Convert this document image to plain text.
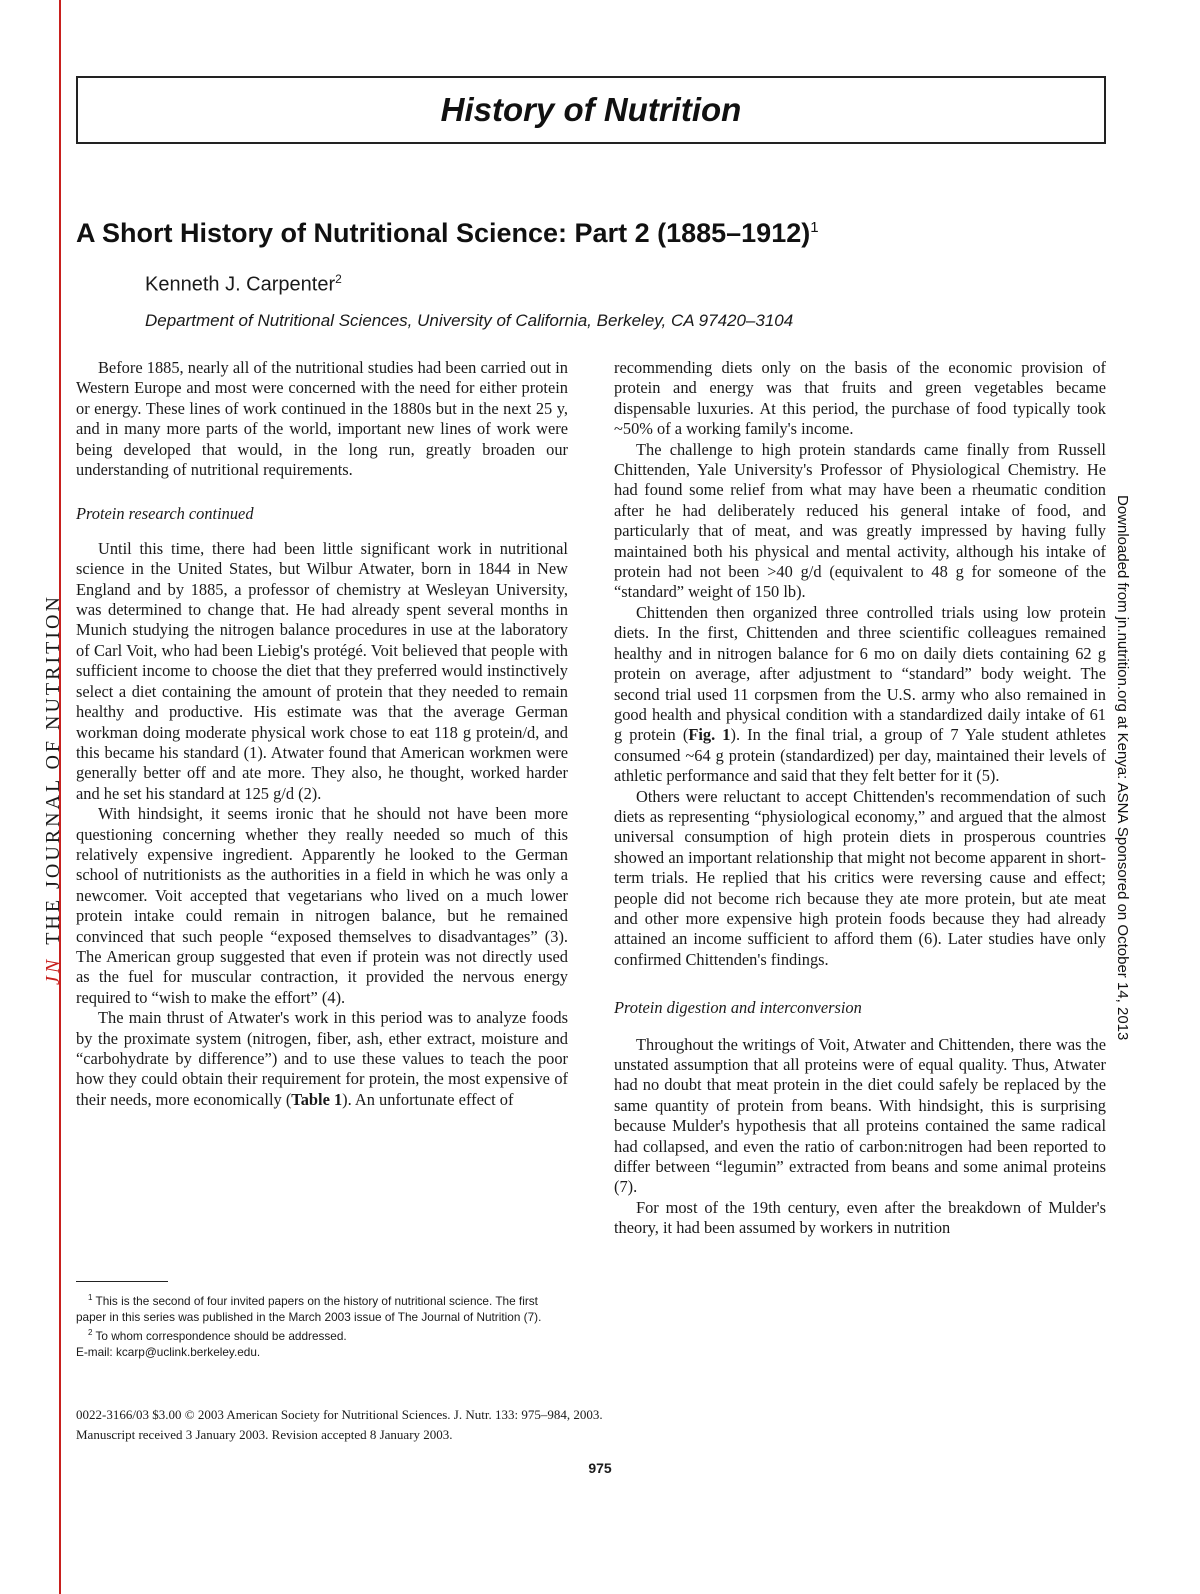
JNTHE JOURNAL OF NUTRITION	Downloaded from jn.nutrition.org at Kenya: ASNA Sponsored on October 14, 2013
History of Nutrition
A Short History of Nutritional Science: Part 2 (1885–1912)$^1$
Kenneth J. Carpenter$^2$
Department of Nutritional Sciences, University of California, Berkeley, CA 97420–3104

Before 1885, nearly all of the nutritional studies had been carried out in Western Europe and most were concerned with the need for either protein or energy. These lines of work continued in the 1880s but in the next 25 y, and in many more parts of the world, important new lines of work were being developed that would, in the long run, greatly broaden our understanding of nutritional requirements.

Protein research continued

Until this time, there had been little significant work in nutritional science in the United States, but Wilbur Atwater, born in 1844 in New England and by 1885, a professor of chemistry at Wesleyan University, was determined to change that. He had already spent several months in Munich studying the nitrogen balance procedures in use at the laboratory of Carl Voit, who had been Liebig's protégé. Voit believed that people with sufficient income to choose the diet that they preferred would instinctively select a diet containing the amount of protein that they needed to remain healthy and productive. His estimate was that the average German workman doing moderate physical work chose to eat 118 g protein/d, and this became his standard (1). Atwater found that American workmen were generally better off and ate more. They also, he thought, worked harder and he set his standard at 125 g/d (2).

With hindsight, it seems ironic that he should not have been more questioning concerning whether they really needed so much of this relatively expensive ingredient. Apparently he looked to the German school of nutritionists as the authorities in a field in which he was only a newcomer. Voit accepted that vegetarians who lived on a much lower protein intake could remain in nitrogen balance, but he remained convinced that such people “exposed themselves to disadvantages” (3). The American group suggested that even if protein was not directly used as the fuel for muscular contraction, it provided the nervous energy required to “wish to make the effort” (4).

The main thrust of Atwater's work in this period was to analyze foods by the proximate system (nitrogen, fiber, ash, ether extract, moisture and “carbohydrate by difference”) and to use these values to teach the poor how they could obtain their requirement for protein, the most expensive of their needs, more economically (Table 1). An unfortunate effect of

recommending diets only on the basis of the economic provision of protein and energy was that fruits and green vegetables became dispensable luxuries. At this period, the purchase of food typically took ~50% of a working family's income.

The challenge to high protein standards came finally from Russell Chittenden, Yale University's Professor of Physiological Chemistry. He had found some relief from what may have been a rheumatic condition after he had deliberately reduced his general intake of food, and particularly that of meat, and was greatly impressed by having fully maintained both his physical and mental activity, although his intake of protein had not been >40 g/d (equivalent to 48 g for someone of the “standard” weight of 150 lb).

Chittenden then organized three controlled trials using low protein diets. In the first, Chittenden and three scientific colleagues remained healthy and in nitrogen balance for 6 mo on daily diets containing 62 g protein on average, after adjustment to “standard” body weight. The second trial used 11 corpsmen from the U.S. army who also remained in good health and physical condition with a standardized daily intake of 61 g protein (Fig. 1). In the final trial, a group of 7 Yale student athletes consumed ~64 g protein (standardized) per day, maintained their levels of athletic performance and said that they felt better for it (5).

Others were reluctant to accept Chittenden's recommendation of such diets as representing “physiological economy,” and argued that the almost universal consumption of high protein diets in prosperous countries showed an important relationship that might not become apparent in short-term trials. He replied that his critics were reversing cause and effect; people did not become rich because they ate more protein, but ate meat and other more expensive high protein foods because they had already attained an income sufficient to afford them (6). Later studies have only confirmed Chittenden's findings.

Protein digestion and interconversion

Throughout the writings of Voit, Atwater and Chittenden, there was the unstated assumption that all proteins were of equal quality. Thus, Atwater had no doubt that meat protein in the diet could safely be replaced by the same quantity of protein from beans. With hindsight, this is surprising because Mulder's hypothesis that all proteins contained the same radical had collapsed, and even the ratio of carbon:nitrogen had been reported to differ between “legumin” extracted from beans and some animal proteins (7).

For most of the 19th century, even after the breakdown of Mulder's theory, it had been assumed by workers in nutrition

$^1$ This is the second of four invited papers on the history of nutritional science. The first paper in this series was published in the March 2003 issue of The Journal of Nutrition (7).

$^2$ To whom correspondence should be addressed.

E-mail: kcarp@uclink.berkeley.edu.

0022-3166/03 $3.00 © 2003 American Society for Nutritional Sciences. J. Nutr. 133: 975–984, 2003.
Manuscript received 3 January 2003. Revision accepted 8 January 2003.
975
